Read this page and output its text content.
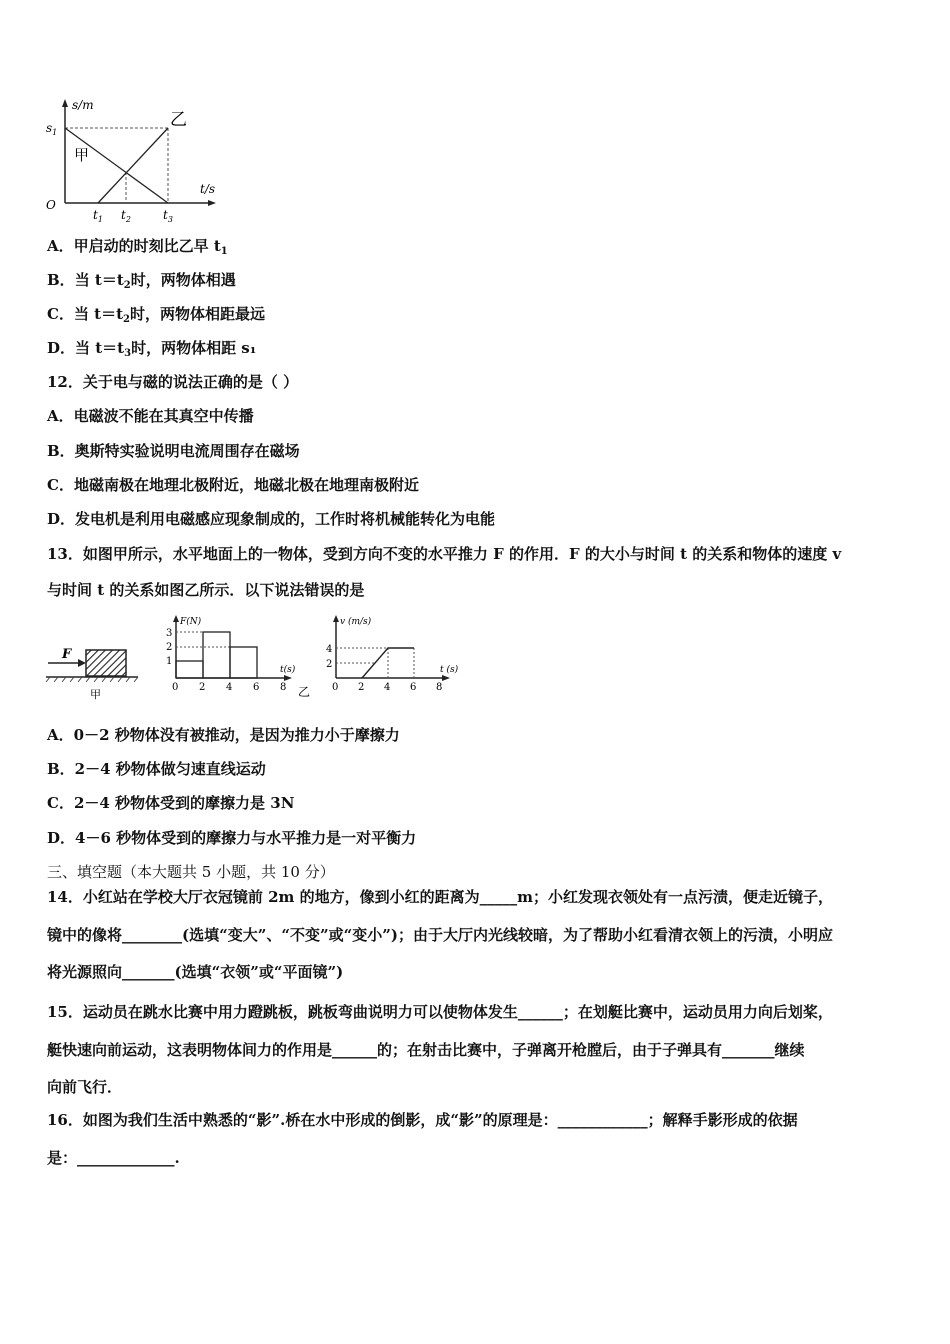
s/m
t/s
O
$s_1$
甲
乙
$t_1$ $t_2$	$t_3$
A．甲启动的时刻比乙早 $t_1$
B．当 $t=t_2$时，两物体相遇
C．当 $t=t_2$时，两物体相距最远
D．当 $t=t_3$时，两物体相距 s₁
12．关于电与磁的说法正确的是（ ）
A．电磁波不能在其真空中传播
B．奥斯特实验说明电流周围存在磁场
C．地磁南极在地理北极附近，地磁北极在地理南极附近
D．发电机是利用电磁感应现象制成的，工作时将机械能转化为电能
13．如图甲所示，水平地面上的一物体，受到方向不变的水平推力 F 的作用．F 的大小与时间 t 的关系和物体的速度 v
与时间 t 的关系如图乙所示．以下说法错误的是
F
甲
F(N)
t(s)
3
2
1
0 2 4 6 8 乙
v (m/s)
t (s)
4
2
0 2 4 6 8
A．0－2 秒物体没有被推动，是因为推力小于摩擦力
B．2－4 秒物体做匀速直线运动
C．2－4 秒物体受到的摩擦力是 3N
D．4－6 秒物体受到的摩擦力与水平推力是一对平衡力
三、填空题（本大题共 5 小题，共 10 分）
14．小红站在学校大厅衣冠镜前 2m 的地方，像到小红的距离为_____m；小红发现衣领处有一点污渍，便走近镜子，
镜中的像将________(选填“变大”、“不变”或“变小”)；由于大厅内光线较暗，为了帮助小红看清衣领上的污渍，小明应
将光源照向_______(选填“衣领”或“平面镜”)
15．运动员在跳水比赛中用力蹬跳板，跳板弯曲说明力可以使物体发生______；在划艇比赛中，运动员用力向后划桨，
艇快速向前运动，这表明物体间力的作用是______的；在射击比赛中，子弹离开枪膛后，由于子弹具有_______继续
向前飞行．
16．如图为我们生活中熟悉的“影”.桥在水中形成的倒影，成“影”的原理是：____________；解释手影形成的依据
是：_____________.
